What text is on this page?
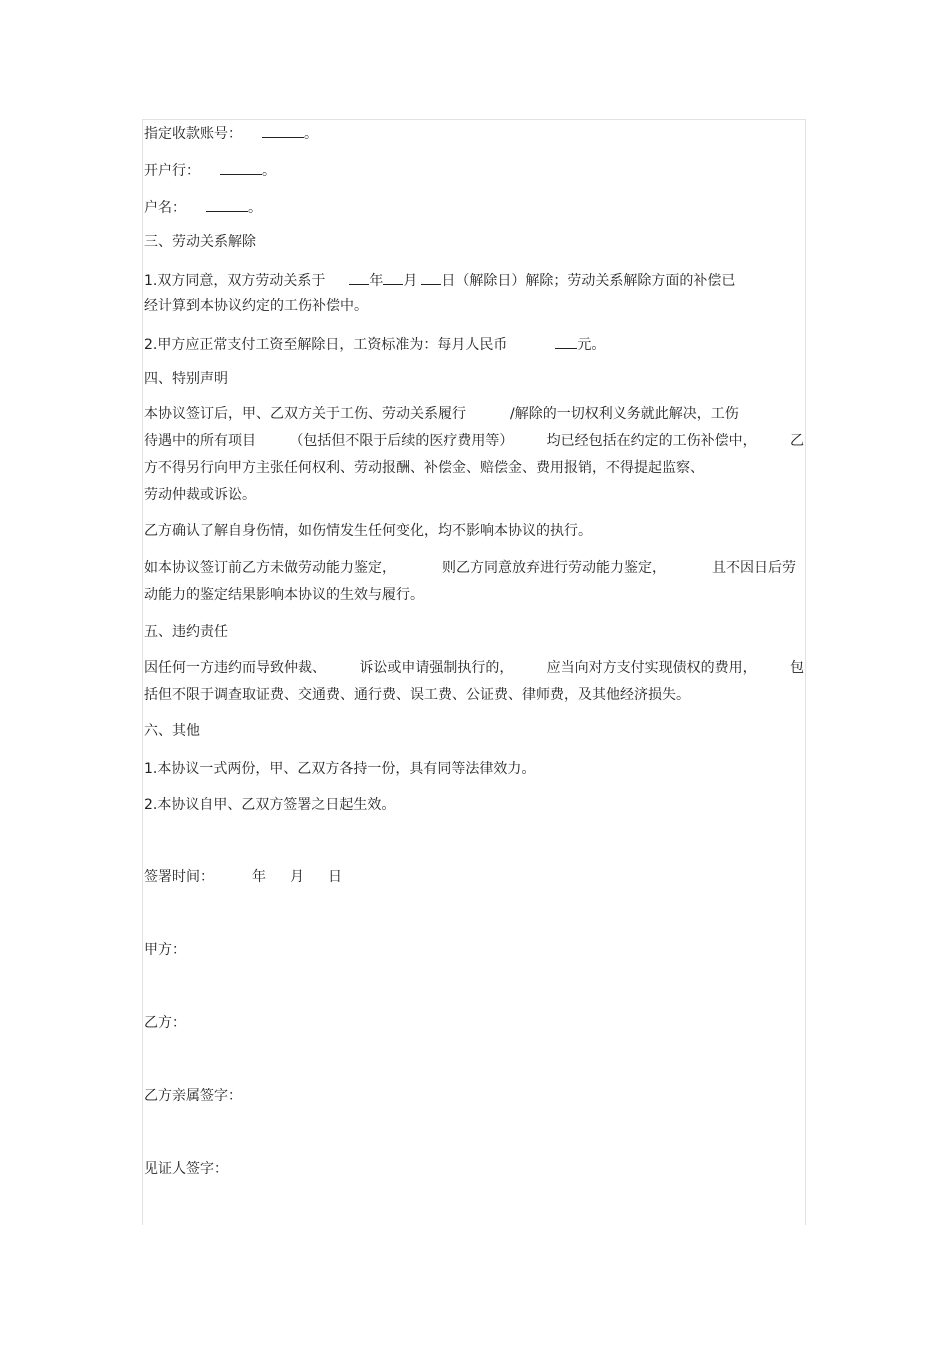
指定收款账号：	。
开户行：	。
户名：	。
三、劳动关系解除
1.双方同意，双方劳动关系于	年 月 日（解除日）解除；劳动关系解除方面的补偿已
经计算到本协议约定的工伤补偿中。
2.甲方应正常支付工资至解除日，工资标准为：每月人民币	元。
四、特别声明
本协议签订后，甲、乙双方关于工伤、劳动关系履行	/解除的一切权利义务就此解决，工伤
待遇中的所有项目 （包括但不限于后续的医疗费用等） 均已经包括在约定的工伤补偿中， 乙
方不得另行向甲方主张任何权利、劳动报酬、补偿金、赔偿金、费用报销，不得提起监察、
劳动仲裁或诉讼。
乙方确认了解自身伤情，如伤情发生任何变化，均不影响本协议的执行。
如本协议签订前乙方未做劳动能力鉴定，	则乙方同意放弃进行劳动能力鉴定，	且不因日后劳
动能力的鉴定结果影响本协议的生效与履行。
五、违约责任
因任何一方违约而导致仲裁、 诉讼或申请强制执行的， 应当向对方支付实现债权的费用， 包
括但不限于调查取证费、交通费、通行费、误工费、公证费、律师费，及其他经济损失。
六、其他
1.本协议一式两份，甲、乙双方各持一份，具有同等法律效力。
2.本协议自甲、乙双方签署之日起生效。
签署时间：	年 月 日
甲方：
乙方：
乙方亲属签字：
见证人签字：
